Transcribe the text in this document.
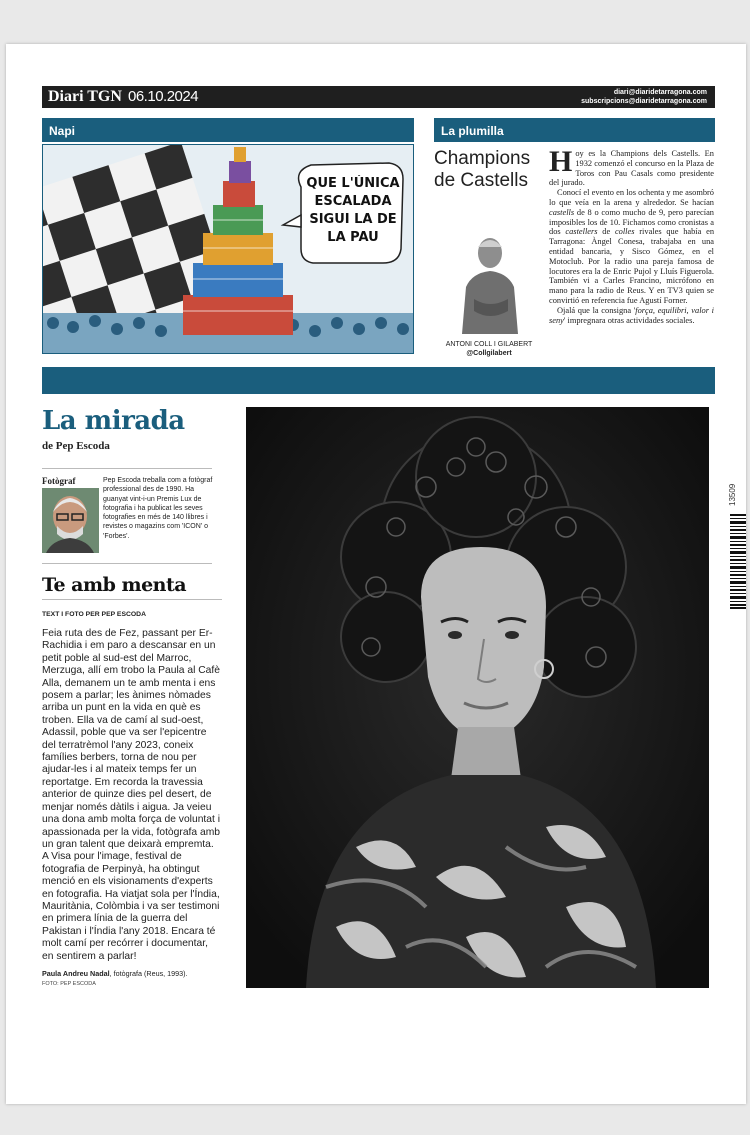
Diari TGN 06.10.2024	diari@diaridetarragona.com
subscripcions@diaridetarragona.com
Napi
QUE L'ÚNICA ESCALADA SIGUI LA DE LA PAU
La plumilla
Champions de Castells
ANTONI COLL I GILABERT
@Collgilabert

Hoy es la Champions dels Castells. En 1932 comenzó el concurso en la Plaza de Toros con Pau Casals como presidente del jurado.

Conocí el evento en los ochenta y me asombró lo que veía en la arena y alrededor. Se hacían castells de 8 o como mucho de 9, pero parecían imposibles los de 10. Fichamos como cronistas a dos castellers de colles rivales que había en Tarragona: Àngel Conesa, trabajaba en una entidad bancaria, y Sisco Gómez, en el Motoclub. Por la radio una pareja famosa de locutores era la de Enric Pujol y Lluís Figuerola. También vi a Carles Francino, micrófono en mano para la radio de Reus. Y en TV3 quien se convirtió en referencia fue Agustí Forner.

Ojalá que la consigna 'força, equilibri, valor i seny' impregnara otras actividades sociales.

La mirada
de Pep Escoda
Fotògraf	Pep Escoda treballa com a fotògraf professional des de 1990. Ha guanyat vint-i-un Premis Lux de fotografia i ha publicat les seves fotografies en més de 140 llibres i revistes o magazins com 'ICON' o 'Forbes'.
Te amb menta
TEXT I FOTO PER PEP ESCODA
Feia ruta des de Fez, passant per Er-Rachidia i em paro a descansar en un petit poble al sud-est del Marroc, Merzuga, allí em trobo la Paula al Cafè Alla, demanem un te amb menta i ens posem a parlar; les ànimes nòmades arriba un punt en la vida en què es troben. Ella va de camí al sud-oest, Adassil, poble que va ser l'epicentre del terratrèmol l'any 2023, coneix famílies berbers, torna de nou per ajudar-les i al mateix temps fer un reportatge. Em recorda la travessia anterior de quinze dies pel desert, de menjar només dàtils i aigua. Ja veieu una dona amb molta força de voluntat i apassionada per la vida, fotògrafa amb un gran talent que deixarà empremta. A Visa pour l'image, festival de fotografia de Perpinyà, ha obtingut menció en els visionaments d'experts en fotografia. Ha viatjat sola per l'Índia, Mauritània, Colòmbia i va ser testimoni en primera línia de la guerra del Pakistan i l'Índia l'any 2018. Encara té molt camí per recórrer i documentar, en sentirem a parlar!
Paula Andreu Nadal, fotògrafa (Reus, 1993).
FOTO: PEP ESCODA
13509
